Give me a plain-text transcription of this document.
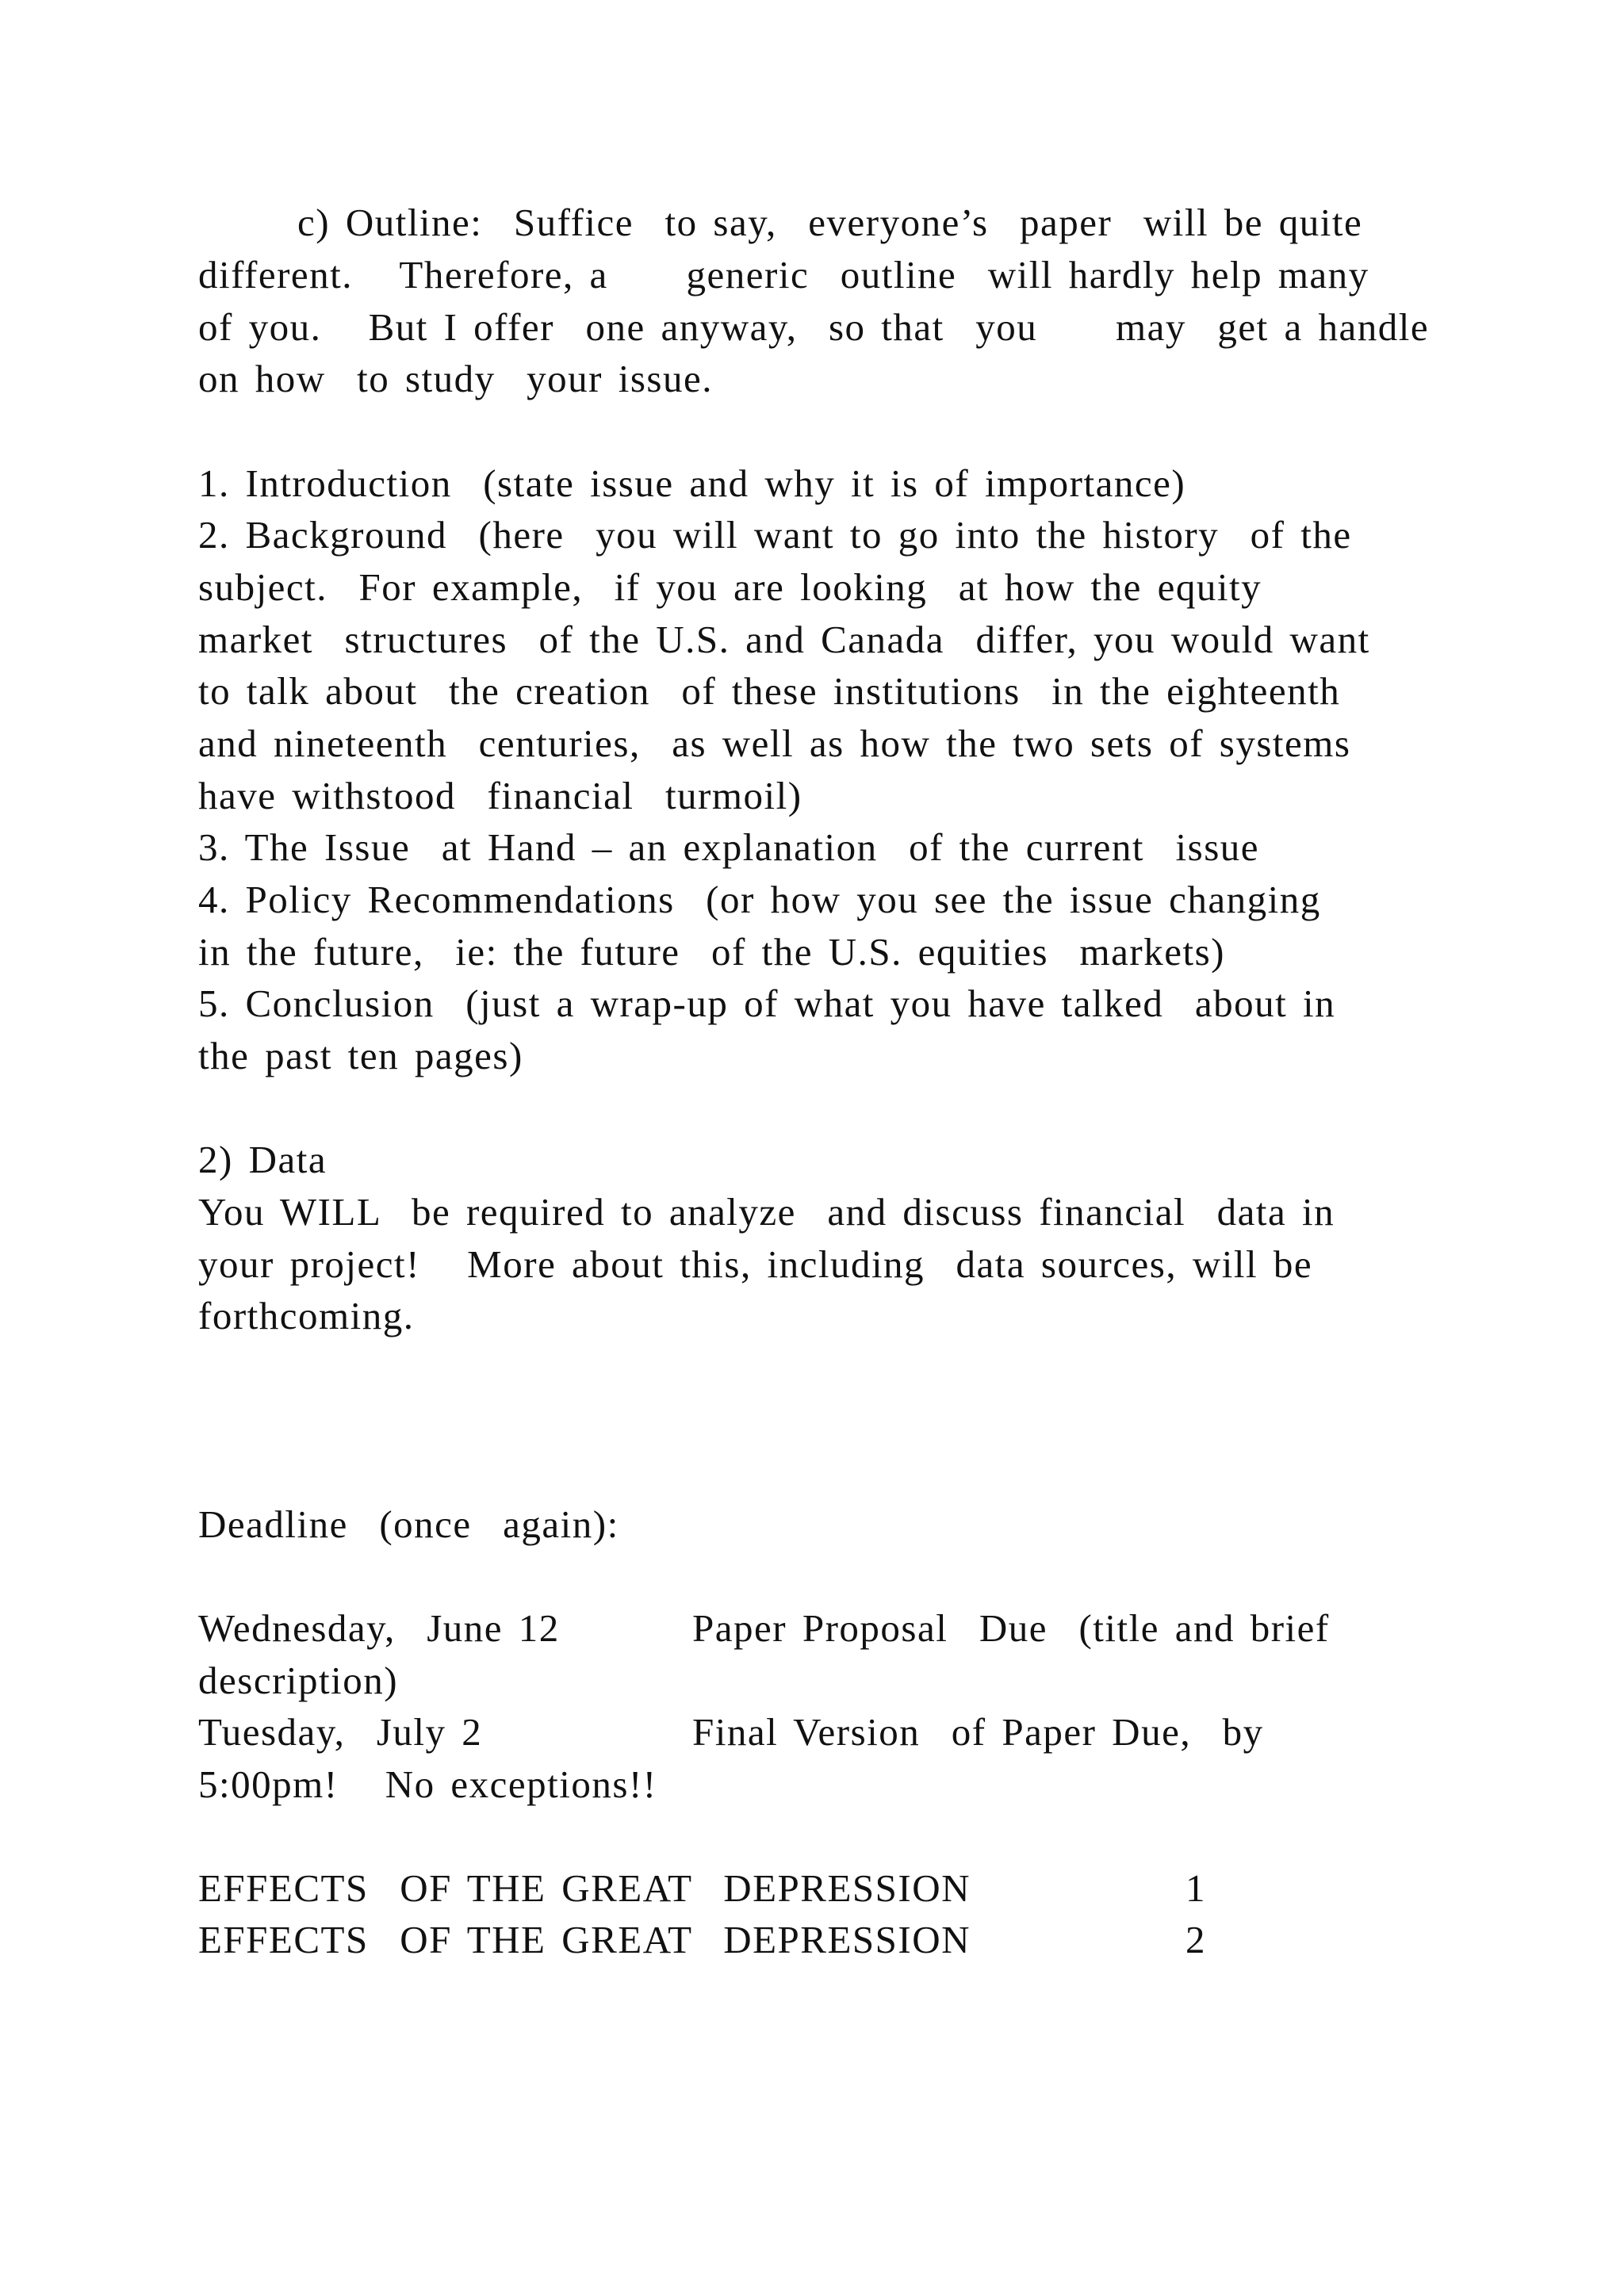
c) Outline:  Suffice  to say,  everyone’s  paper  will be quite
different.   Therefore, a     generic  outline  will hardly help many
of you.   But I offer  one anyway,  so that  you     may  get a handle
on how  to study  your issue.
1. Introduction  (state issue and why it is of importance)
2. Background  (here  you will want to go into the history  of the
subject.  For example,  if you are looking  at how the equity
market  structures  of the U.S. and Canada  differ, you would want
to talk about  the creation  of these institutions  in the eighteenth
and nineteenth  centuries,  as well as how the two sets of systems
have withstood  financial  turmoil)
3. The Issue  at Hand – an explanation  of the current  issue
4. Policy Recommendations  (or how you see the issue changing
in the future,  ie: the future  of the U.S. equities  markets)
5. Conclusion  (just a wrap-up of what you have talked  about in
the past ten pages)
2) Data
You WILL  be required to analyze  and discuss financial  data in
your project!   More about this, including  data sources, will be
forthcoming.
Deadline  (once  again):
Wednesday,  June 12	Paper Proposal  Due  (title and brief
description)
Tuesday,  July 2	Final Version  of Paper Due,  by
5:00pm!   No exceptions!!
EFFECTS  OF THE GREAT  DEPRESSION	1
EFFECTS  OF THE GREAT  DEPRESSION	2
